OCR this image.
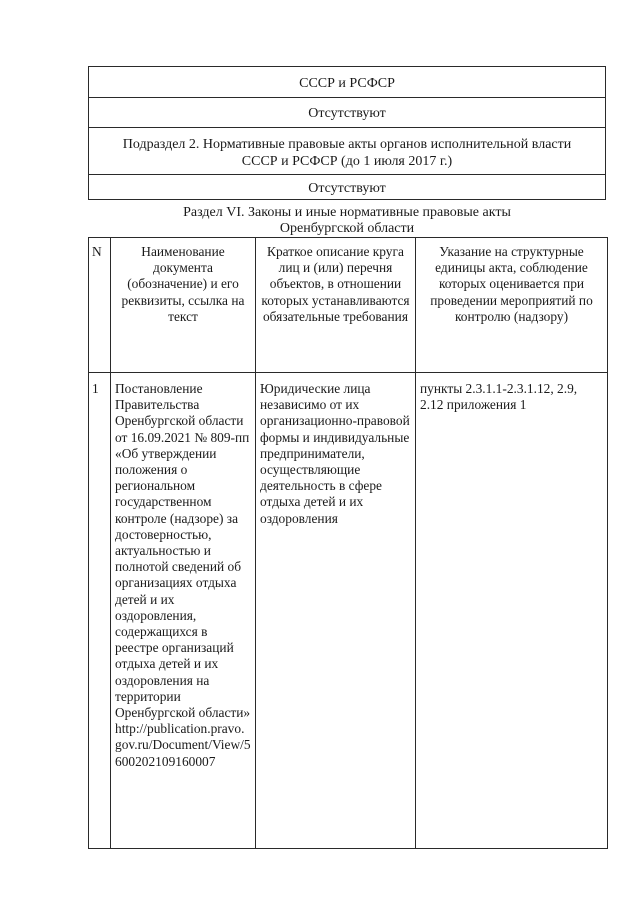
СССР и РСФСР
Отсутствуют
Подраздел 2. Нормативные правовые акты органов исполнительной власти
СССР и РСФСР (до 1 июля 2017 г.)
Отсутствуют
Раздел VI. Законы и иные нормативные правовые акты
Оренбургской области
N	Наименование документа (обозначение) и его реквизиты, ссылка на текст	Краткое описание круга лиц и (или) перечня объектов, в отношении которых устанавливаются обязательные требования	Указание на структурные единицы акта, соблюдение которых оценивается при проведении мероприятий по контролю (надзору)
1	Постановление Правительства Оренбургской области от 16.09.2021 № 809-пп «Об утверждении положения о региональном государственном контроле (надзоре) за достоверностью, актуальностью и полнотой сведений об организациях отдыха детей и их оздоровления, содержащихся в реестре организаций отдыха детей и их оздоровления на территории Оренбургской области» http://publication.pravo.gov.ru/Document/View/5600202109160007	Юридические лица независимо от их организационно-правовой формы и индивидуальные предприниматели, осуществляющие деятельность в сфере отдыха детей и их оздоровления	пункты 2.3.1.1-2.3.1.12, 2.9, 2.12 приложения 1
